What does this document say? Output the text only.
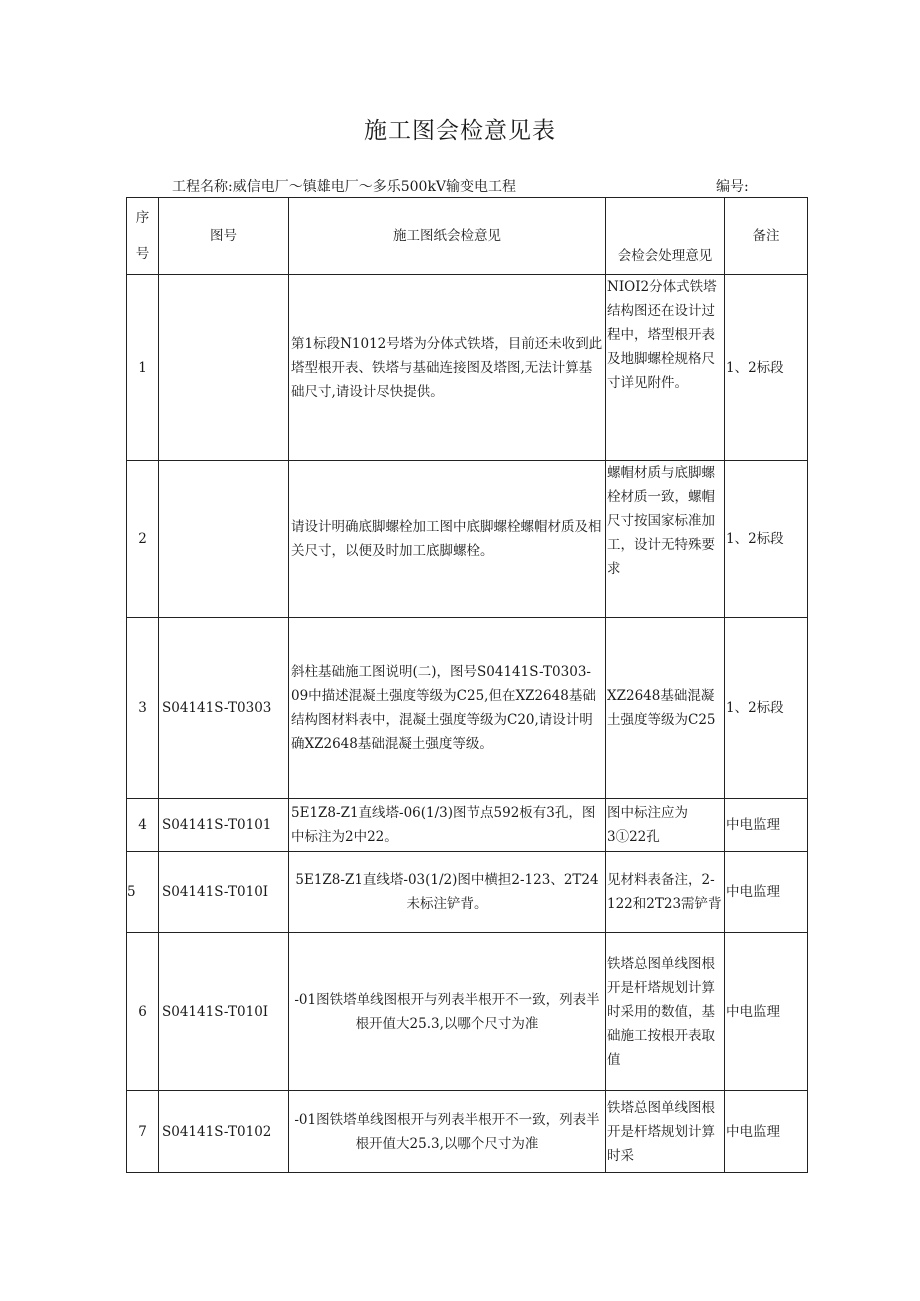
施工图会检意见表
工程名称:威信电厂～镇雄电厂～多乐500kV输变电工程	编号:
序
号	图号	施工图纸会检意见	会检会处理意见	备注
1		第1标段N1012号塔为分体式铁塔，目前还未收到此塔型根开表、铁塔与基础连接图及塔图,无法计算基础尺寸,请设计尽快提供。	NIOI2分体式铁塔结构图还在设计过程中，塔型根开表及地脚螺栓规格尺寸详见附件。	1、2标段
2		请设计明确底脚螺栓加工图中底脚螺栓螺帽材质及相关尺寸，以便及时加工底脚螺栓。	螺帽材质与底脚螺栓材质一致，螺帽尺寸按国家标准加工，设计无特殊要求	1、2标段
3	S04141S-T0303	斜柱基础施工图说明(二)，图号S04141S-T0303-09中描述混凝土强度等级为C25,但在XZ2648基础结构图材料表中，混凝土强度等级为C20,请设计明确XZ2648基础混凝土强度等级。	XZ2648基础混凝土强度等级为C25	1、2标段
4	S04141S-T0101	5E1Z8-Z1直线塔-06(1/3)图节点592板有3孔，图中标注为2中22。	图中标注应为3①22孔	中电监理
5	S04141S-T010I	5E1Z8-Z1直线塔-03(1/2)图中横担2-123、2T24未标注铲背。	见材料表备注，2-122和2T23需铲背	中电监理
6	S04141S-T010I	-01图铁塔单线图根开与列表半根开不一致，列表半根开值大25.3,以哪个尺寸为准	铁塔总图单线图根开是杆塔规划计算时采用的数值，基础施工按根开表取值	中电监理
7	S04141S-T0102	-01图铁塔单线图根开与列表半根开不一致，列表半根开值大25.3,以哪个尺寸为准	铁塔总图单线图根开是杆塔规划计算时采	中电监理
